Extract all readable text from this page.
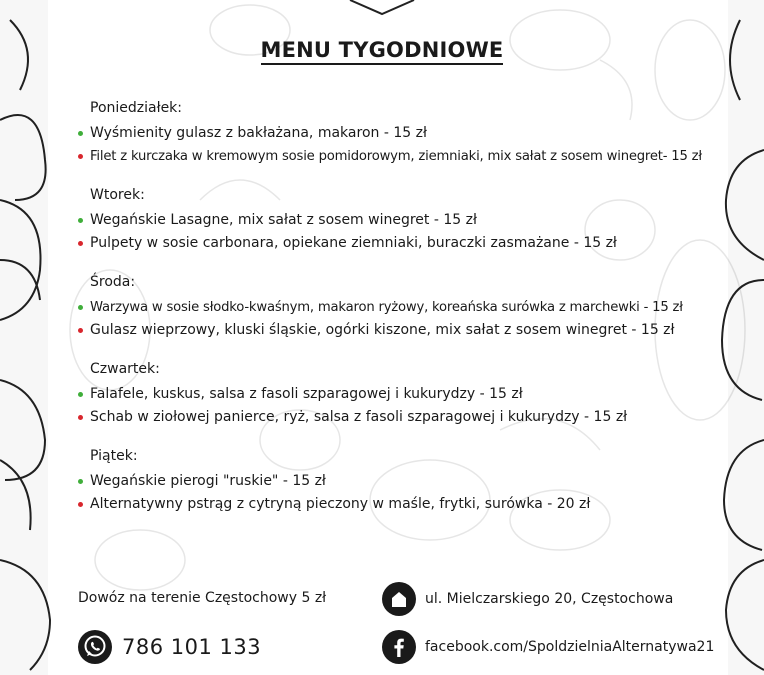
MENU TYGODNIOWE
Poniedziałek:
Wyśmienity gulasz z bakłażana, makaron - 15 zł
Filet z kurczaka w kremowym sosie pomidorowym, ziemniaki, mix sałat z sosem winegret- 15 zł
Wtorek:
Wegańskie Lasagne, mix sałat z sosem winegret - 15 zł
Pulpety w sosie carbonara, opiekane ziemniaki, buraczki zasmażane - 15 zł
Środa:
Warzywa w sosie słodko-kwaśnym, makaron ryżowy, koreańska surówka z marchewki - 15 zł
Gulasz wieprzowy, kluski śląskie, ogórki kiszone, mix sałat z sosem winegret - 15 zł
Czwartek:
Falafele, kuskus, salsa z fasoli szparagowej i kukurydzy - 15 zł
Schab w ziołowej panierce, ryż, salsa z fasoli szparagowej i kukurydzy - 15 zł
Piątek:
Wegańskie pierogi "ruskie" - 15 zł
Alternatywny pstrąg z cytryną pieczony w maśle, frytki, surówka - 20 zł
Dowóz na terenie Częstochowy 5 zł
786 101 133
ul. Mielczarskiego 20, Częstochowa
facebook.com/SpoldzielniaAlternatywa21
